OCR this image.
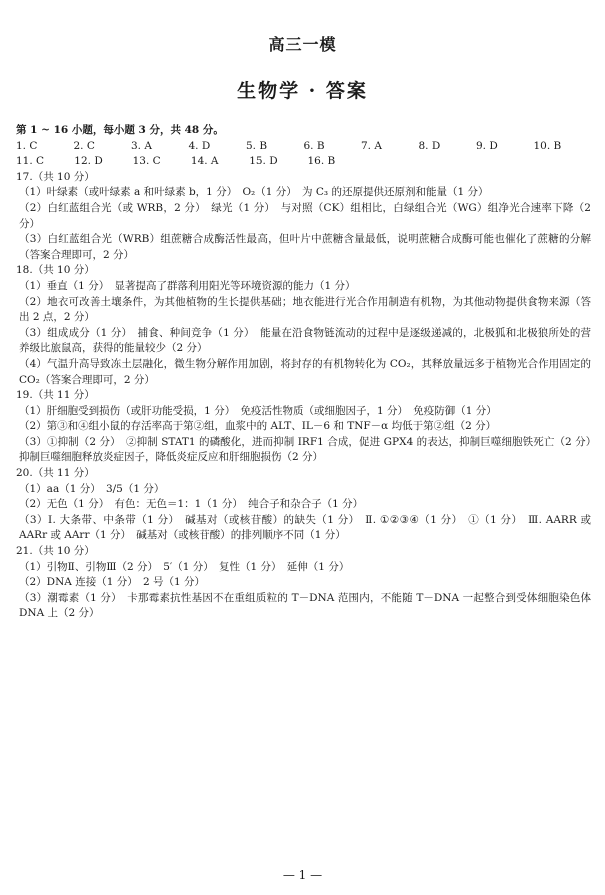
高三一模
生物学 · 答案
第 1 ~ 16 小题，每小题 3 分，共 48 分。
1. C	2. C	3. A	4. D	5. B	6. B	7. A	8. D	9. D	10. B
11. C	12. D	13. C	14. A	15. D	16. B
17.（共 10 分）
（1）叶绿素（或叶绿素 a 和叶绿素 b，1 分）　O₂（1 分）　为 C₃ 的还原提供还原剂和能量（1 分）
（2）白红蓝组合光（或 WRB，2 分）　绿光（1 分）　与对照（CK）组相比，白绿组合光（WG）组净光合速率下降（2 分）
（3）白红蓝组合光（WRB）组蔗糖合成酶活性最高，但叶片中蔗糖含量最低，说明蔗糖合成酶可能也催化了蔗糖的分解（答案合理即可，2 分）
18.（共 10 分）
（1）垂直（1 分）　显著提高了群落利用阳光等环境资源的能力（1 分）
（2）地衣可改善土壤条件，为其他植物的生长提供基础；地衣能进行光合作用制造有机物，为其他动物提供食物来源（答出 2 点，2 分）
（3）组成成分（1 分）　捕食、种间竞争（1 分）　能量在沿食物链流动的过程中是逐级递减的，北极狐和北极狼所处的营养级比旅鼠高，获得的能量较少（2 分）
（4）气温升高导致冻土层融化，微生物分解作用加剧，将封存的有机物转化为 CO₂，其释放量远多于植物光合作用固定的 CO₂（答案合理即可，2 分）
19.（共 11 分）
（1）肝细胞受到损伤（或肝功能受损，1 分）　免疫活性物质（或细胞因子，1 分）　免疫防御（1 分）
（2）第③和④组小鼠的存活率高于第②组，血浆中的 ALT、IL－6 和 TNF－α 均低于第②组（2 分）
（3）①抑制（2 分）　②抑制 STAT1 的磷酸化，进而抑制 IRF1 合成，促进 GPX4 的表达，抑制巨噬细胞铁死亡（2 分）　抑制巨噬细胞释放炎症因子，降低炎症反应和肝细胞损伤（2 分）
20.（共 11 分）
（1）aa（1 分）　3/5（1 分）
（2）无色（1 分）　有色：无色＝1：1（1 分）　纯合子和杂合子（1 分）
（3）Ⅰ. 大条带、中条带（1 分）　碱基对（或核苷酸）的缺失（1 分）　Ⅱ. ①②③④（1 分）　①（1 分）　Ⅲ. AARR 或 AARr 或 AArr（1 分）　碱基对（或核苷酸）的排列顺序不同（1 分）
21.（共 10 分）
（1）引物Ⅱ、引物Ⅲ（2 分）　5′（1 分）　复性（1 分）　延伸（1 分）
（2）DNA 连接（1 分）　2 号（1 分）
（3）潮霉素（1 分）　卡那霉素抗性基因不在重组质粒的 T－DNA 范围内，不能随 T－DNA 一起整合到受体细胞染色体 DNA 上（2 分）
— 1 —
